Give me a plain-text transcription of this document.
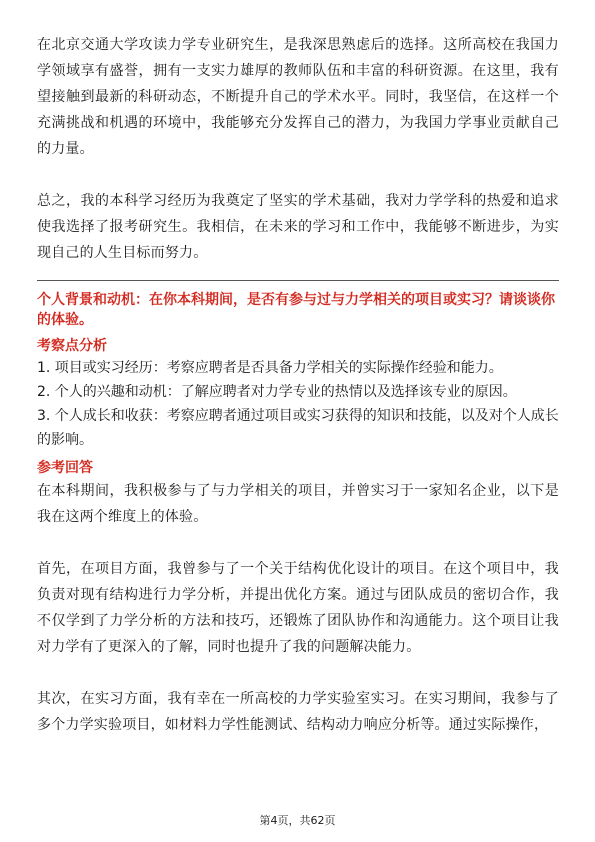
在北京交通大学攻读力学专业研究生，是我深思熟虑后的选择。这所高校在我国力学领域享有盛誉，拥有一支实力雄厚的教师队伍和丰富的科研资源。在这里，我有望接触到最新的科研动态，不断提升自己的学术水平。同时，我坚信，在这样一个充满挑战和机遇的环境中，我能够充分发挥自己的潜力，为我国力学事业贡献自己的力量。

总之，我的本科学习经历为我奠定了坚实的学术基础，我对力学学科的热爱和追求使我选择了报考研究生。我相信，在未来的学习和工作中，我能够不断进步，为实现自己的人生目标而努力。

个人背景和动机：在你本科期间，是否有参与过与力学相关的项目或实习？请谈谈你的体验。

考察点分析

1. 项目或实习经历：考察应聘者是否具备力学相关的实际操作经验和能力。

2. 个人的兴趣和动机：了解应聘者对力学专业的热情以及选择该专业的原因。

3. 个人成长和收获：考察应聘者通过项目或实习获得的知识和技能，以及对个人成长的影响。

参考回答

在本科期间，我积极参与了与力学相关的项目，并曾实习于一家知名企业，以下是我在这两个维度上的体验。

首先，在项目方面，我曾参与了一个关于结构优化设计的项目。在这个项目中，我负责对现有结构进行力学分析，并提出优化方案。通过与团队成员的密切合作，我不仅学到了力学分析的方法和技巧，还锻炼了团队协作和沟通能力。这个项目让我对力学有了更深入的了解，同时也提升了我的问题解决能力。

其次，在实习方面，我有幸在一所高校的力学实验室实习。在实习期间，我参与了多个力学实验项目，如材料力学性能测试、结构动力响应分析等。通过实际操作，

第4页，共62页
